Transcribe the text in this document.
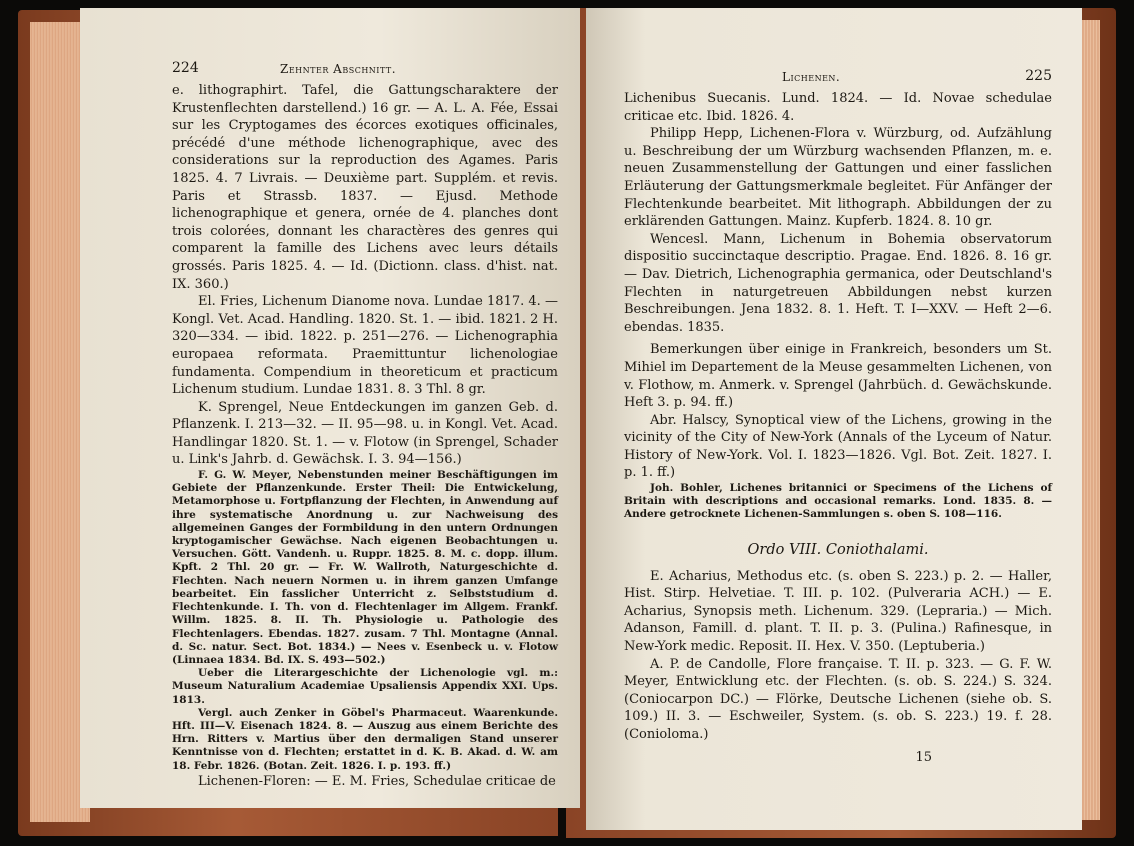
224	Zehnter Abschnitt.

e. lithographirt. Tafel, die Gattungscharaktere der Krustenflechten darstellend.) 16 gr. — A. L. A. Fée, Essai sur les Cryptogames des écorces exotiques officinales, précédé d'une méthode lichenographique, avec des considerations sur la reproduction des Agames. Paris 1825. 4. 7 Livrais. — Deuxième part. Supplém. et revis. Paris et Strassb. 1837. — Ejusd. Methode lichenographique et genera, ornée de 4. planches dont trois colorées, donnant les charactères des genres qui comparent la famille des Lichens avec leurs détails grossés. Paris 1825. 4. — Id. (Dictionn. class. d'hist. nat. IX. 360.)

El. Fries, Lichenum Dianome nova. Lundae 1817. 4. — Kongl. Vet. Acad. Handling. 1820. St. 1. — ibid. 1821. 2 H. 320—334. — ibid. 1822. p. 251—276. — Lichenographia europaea reformata. Praemittuntur lichenologiae fundamenta. Compendium in theoreticum et practicum Lichenum studium. Lundae 1831. 8. 3 Thl. 8 gr.

K. Sprengel, Neue Entdeckungen im ganzen Geb. d. Pflanzenk. I. 213—32. — II. 95—98. u. in Kongl. Vet. Acad. Handlingar 1820. St. 1. — v. Flotow (in Sprengel, Schader u. Link's Jahrb. d. Gewächsk. I. 3. 94—156.)

F. G. W. Meyer, Nebenstunden meiner Beschäftigungen im Gebiete der Pflanzenkunde. Erster Theil: Die Entwickelung, Metamorphose u. Fortpflanzung der Flechten, in Anwendung auf ihre systematische Anordnung u. zur Nachweisung des allgemeinen Ganges der Formbildung in den untern Ordnungen kryptogamischer Gewächse. Nach eigenen Beobachtungen u. Versuchen. Gött. Vandenh. u. Ruppr. 1825. 8. M. c. dopp. illum. Kpft. 2 Thl. 20 gr. — Fr. W. Wallroth, Naturgeschichte d. Flechten. Nach neuern Normen u. in ihrem ganzen Umfange bearbeitet. Ein fasslicher Unterricht z. Selbststudium d. Flechtenkunde. I. Th. von d. Flechtenlager im Allgem. Frankf. Willm. 1825. 8. II. Th. Physiologie u. Pathologie des Flechtenlagers. Ebendas. 1827. zusam. 7 Thl. Montagne (Annal. d. Sc. natur. Sect. Bot. 1834.) — Nees v. Esenbeck u. v. Flotow (Linnaea 1834. Bd. IX. S. 493—502.)

Ueber die Literargeschichte der Lichenologie vgl. m.: Museum Naturalium Academiae Upsaliensis Appendix XXI. Ups. 1813.

Vergl. auch Zenker in Göbel's Pharmaceut. Waarenkunde. Hft. III—V. Eisenach 1824. 8. — Auszug aus einem Berichte des Hrn. Ritters v. Martius über den dermaligen Stand unserer Kenntnisse von d. Flechten; erstattet in d. K. B. Akad. d. W. am 18. Febr. 1826. (Botan. Zeit. 1826. I. p. 193. ff.)

Lichenen-Floren: — E. M. Fries, Schedulae criticae de

Lichenen.	225

Lichenibus Suecanis. Lund. 1824. — Id. Novae schedulae criticae etc. Ibid. 1826. 4.

Philipp Hepp, Lichenen-Flora v. Würzburg, od. Aufzählung u. Beschreibung der um Würzburg wachsenden Pflanzen, m. e. neuen Zusammenstellung der Gattungen und einer fasslichen Erläuterung der Gattungsmerkmale begleitet. Für Anfänger der Flechtenkunde bearbeitet. Mit lithograph. Abbildungen der zu erklärenden Gattungen. Mainz. Kupferb. 1824. 8. 10 gr.

Wencesl. Mann, Lichenum in Bohemia observatorum dispositio succinctaque descriptio. Pragae. End. 1826. 8. 16 gr. — Dav. Dietrich, Lichenographia germanica, oder Deutschland's Flechten in naturgetreuen Abbildungen nebst kurzen Beschreibungen. Jena 1832. 8. 1. Heft. T. I—XXV. — Heft 2—6. ebendas. 1835.

Bemerkungen über einige in Frankreich, besonders um St. Mihiel im Departement de la Meuse gesammelten Lichenen, von v. Flothow, m. Anmerk. v. Sprengel (Jahrbüch. d. Gewächskunde. Heft 3. p. 94. ff.)

Abr. Halscy, Synoptical view of the Lichens, growing in the vicinity of the City of New-York (Annals of the Lyceum of Natur. History of New-York. Vol. I. 1823—1826. Vgl. Bot. Zeit. 1827. I. p. 1. ff.)

Joh. Bohler, Lichenes britannici or Specimens of the Lichens of Britain with descriptions and occasional remarks. Lond. 1835. 8. — Andere getrocknete Lichenen-Sammlungen s. oben S. 108—116.

Ordo VIII. Coniothalami.

E. Acharius, Methodus etc. (s. oben S. 223.) p. 2. — Haller, Hist. Stirp. Helvetiae. T. III. p. 102. (Pulveraria ACH.) — E. Acharius, Synopsis meth. Lichenum. 329. (Lepraria.) — Mich. Adanson, Famill. d. plant. T. II. p. 3. (Pulina.) Rafinesque, in New-York medic. Reposit. II. Hex. V. 350. (Leptuberia.)

A. P. de Candolle, Flore française. T. II. p. 323. — G. F. W. Meyer, Entwicklung etc. der Flechten. (s. ob. S. 224.) S. 324. (Coniocarpon DC.) — Flörke, Deutsche Lichenen (siehe ob. S. 109.) II. 3. — Eschweiler, System. (s. ob. S. 223.) 19. f. 28. (Conioloma.)

15
